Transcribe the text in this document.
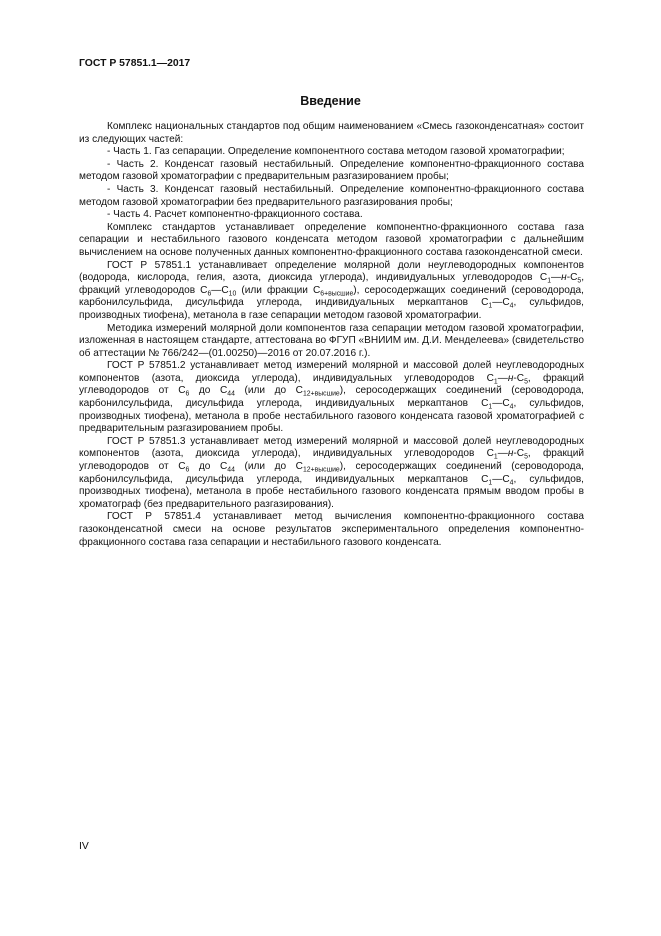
ГОСТ Р 57851.1—2017
Введение

Комплекс национальных стандартов под общим наименованием «Смесь газоконденсатная» состоит из следующих частей:

- Часть 1. Газ сепарации. Определение компонентного состава методом газовой хроматографии;

- Часть 2. Конденсат газовый нестабильный. Определение компонентно-фракционного состава методом газовой хроматографии с предварительным разгазированием пробы;

- Часть 3. Конденсат газовый нестабильный. Определение компонентно-фракционного состава методом газовой хроматографии без предварительного разгазирования пробы;

- Часть 4. Расчет компонентно-фракционного состава.

Комплекс стандартов устанавливает определение компонентно-фракционного состава газа сепарации и нестабильного газового конденсата методом газовой хроматографии с дальнейшим вычислением на основе полученных данных компонентно-фракционного состава газоконденсатной смеси.

ГОСТ Р 57851.1 устанавливает определение молярной доли неуглеводородных компонентов (водорода, кислорода, гелия, азота, диоксида углерода), индивидуальных углеводородов $С_1—н-С_5$, фракций углеводородов $С_6—С_{10}$ (или фракции $С_{6+высшие}$), серосодержащих соединений (сероводорода, карбонилсульфида, дисульфида углерода, индивидуальных меркаптанов $С_1—С_4$, сульфидов, производных тиофена), метанола в газе сепарации методом газовой хроматографии.

Методика измерений молярной доли компонентов газа сепарации методом газовой хроматографии, изложенная в настоящем стандарте, аттестована во ФГУП «ВНИИМ им. Д.И. Менделеева» (свидетельство об аттестации № 766/242—(01.00250)—2016 от 20.07.2016 г.).

ГОСТ Р 57851.2 устанавливает метод измерений молярной и массовой долей неуглеводородных компонентов (азота, диоксида углерода), индивидуальных углеводородов $С_1—н-С_5$, фракций углеводородов от $С_6$ до $С_{44}$ (или до $С_{12+высшие}$), серосодержащих соединений (сероводорода, карбонилсульфида, дисульфида углерода, индивидуальных меркаптанов $С_1—С_4$, сульфидов, производных тиофена), метанола в пробе нестабильного газового конденсата газовой хроматографией с предварительным разгазированием пробы.

ГОСТ Р 57851.3 устанавливает метод измерений молярной и массовой долей неуглеводородных компонентов (азота, диоксида углерода), индивидуальных углеводородов $С_1—н-С_5$, фракций углеводородов от $С_6$ до $С_{44}$ (или до $С_{12+высшие}$), серосодержащих соединений (сероводорода, карбонилсульфида, дисульфида углерода, индивидуальных меркаптанов $С_1—С_4$, сульфидов, производных тиофена), метанола в пробе нестабильного газового конденсата прямым вводом пробы в хроматограф (без предварительного разгазирования).

ГОСТ Р 57851.4 устанавливает метод вычисления компонентно-фракционного состава газоконденсатной смеси на основе результатов экспериментального определения компонентно-фракционного состава газа сепарации и нестабильного газового конденсата.

IV
